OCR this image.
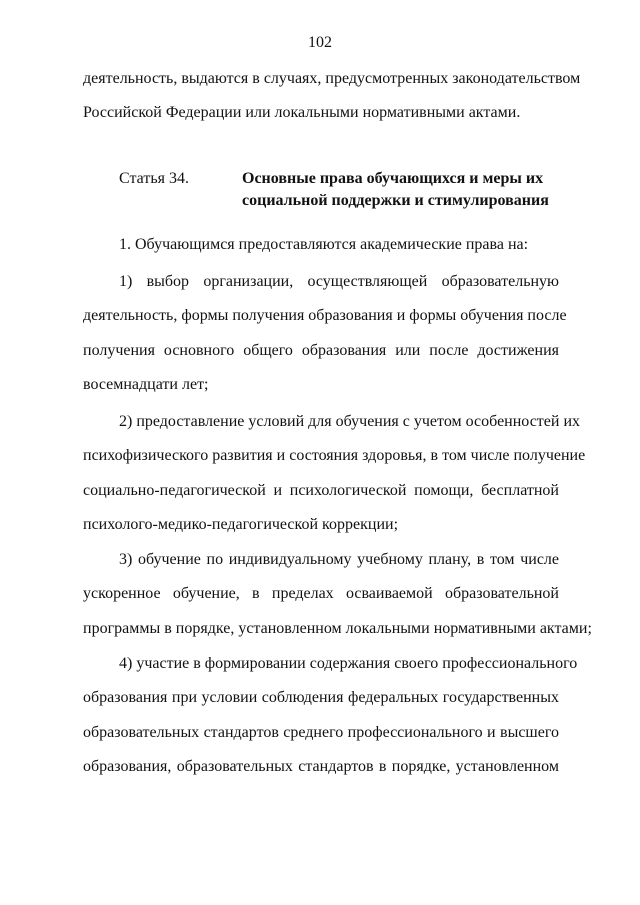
102
деятельность, выдаются в случаях, предусмотренных законодательством
Российской Федерации или локальными нормативными актами.
Статья 34.	Основные права обучающихся и меры их
социальной поддержки и стимулирования
1. Обучающимся предоставляются академические права на:
1) выбор организации, осуществляющей образовательную
деятельность, формы получения образования и формы обучения после
получения основного общего образования или после достижения
восемнадцати лет;
2) предоставление условий для обучения с учетом особенностей их
психофизического развития и состояния здоровья, в том числе получение
социально-педагогической и психологической помощи, бесплатной
психолого-медико-педагогической коррекции;
3) обучение по индивидуальному учебному плану, в том числе
ускоренное обучение, в пределах осваиваемой образовательной
программы в порядке, установленном локальными нормативными актами;
4) участие в формировании содержания своего профессионального
образования при условии соблюдения федеральных государственных
образовательных стандартов среднего профессионального и высшего
образования, образовательных стандартов в порядке, установленном
